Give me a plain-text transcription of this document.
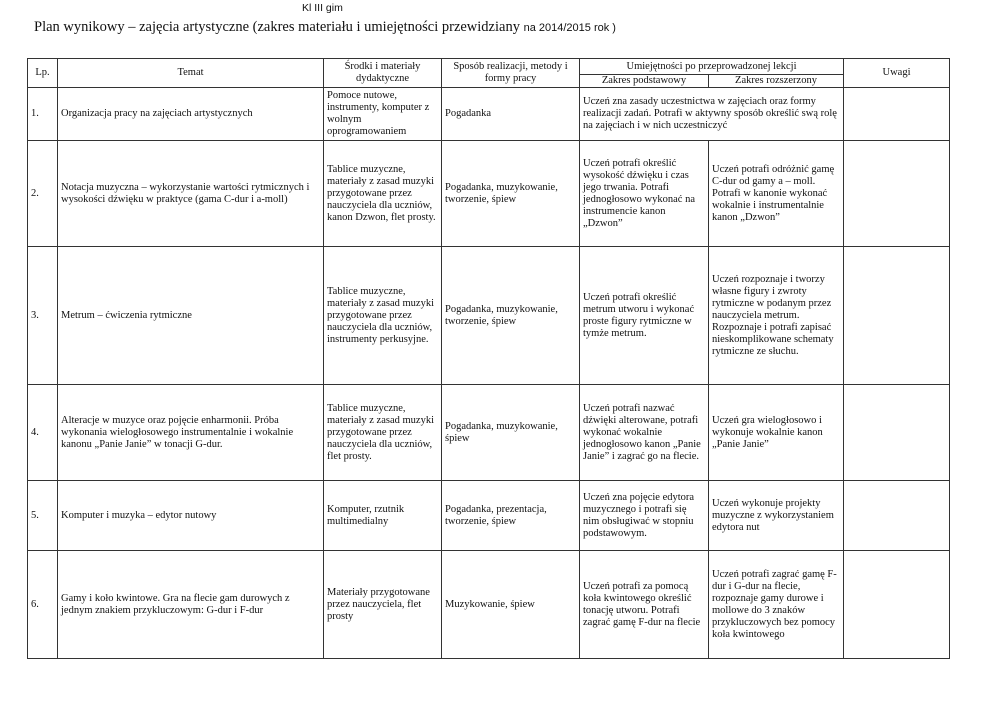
Kl III gim
Plan wynikowy – zajęcia artystyczne (zakres materiału i umiejętności przewidziany na 2014/2015 rok )
Lp.	Temat	Środki i materiały dydaktyczne	Sposób realizacji, metody i formy pracy	Umiejętności po przeprowadzonej lekcji		Uwagi
				Zakres podstawowy	Zakres rozszerzony	
1.	Organizacja pracy na zajęciach artystycznych	Pomoce nutowe, instrumenty, komputer z wolnym oprogramowaniem	Pogadanka	Uczeń zna zasady uczestnictwa w zajęciach oraz formy realizacji zadań. Potrafi w aktywny sposób określić swą rolę na zajęciach i w nich uczestniczyć		
2.	Notacja muzyczna – wykorzystanie wartości rytmicznych i wysokości dźwięku w praktyce (gama C-dur i a-moll)	Tablice muzyczne, materiały z zasad muzyki przygotowane przez nauczyciela dla uczniów, kanon Dzwon, flet prosty.	Pogadanka, muzykowanie, tworzenie, śpiew	Uczeń potrafi określić wysokość dźwięku i czas jego trwania. Potrafi jednogłosowo wykonać na instrumencie kanon „Dzwon”	Uczeń potrafi odróżnić gamę C-dur od gamy a – moll. Potrafi w kanonie wykonać wokalnie i instrumentalnie kanon „Dzwon”	
3.	Metrum – ćwiczenia rytmiczne	Tablice muzyczne, materiały z zasad muzyki przygotowane przez nauczyciela dla uczniów, instrumenty perkusyjne.	Pogadanka, muzykowanie, tworzenie, śpiew	Uczeń potrafi określić metrum utworu i wykonać proste figury rytmiczne w tymże metrum.	Uczeń rozpoznaje i tworzy własne figury i zwroty rytmiczne w podanym przez nauczyciela metrum. Rozpoznaje i potrafi zapisać nieskomplikowane schematy rytmiczne ze słuchu.	
4.	Alteracje w muzyce oraz pojęcie enharmonii. Próba wykonania wielogłosowego instrumentalnie i wokalnie kanonu „Panie Janie” w tonacji G-dur.	Tablice muzyczne, materiały z zasad muzyki przygotowane przez nauczyciela dla uczniów, flet prosty.	Pogadanka, muzykowanie, śpiew	Uczeń potrafi nazwać dźwięki alterowane, potrafi wykonać wokalnie jednogłosowo kanon „Panie Janie” i zagrać go na flecie.	Uczeń gra wielogłosowo i wykonuje wokalnie kanon „Panie Janie”	
5.	Komputer i muzyka – edytor nutowy	Komputer, rzutnik multimedialny	Pogadanka, prezentacja, tworzenie, śpiew	Uczeń zna pojęcie edytora muzycznego i potrafi się nim obsługiwać w stopniu podstawowym.	Uczeń wykonuje projekty muzyczne z wykorzystaniem edytora nut	
6.	Gamy i koło kwintowe. Gra na flecie gam durowych z jednym znakiem przykluczowym: G-dur i F-dur	Materiały przygotowane przez nauczyciela, flet prosty	Muzykowanie, śpiew	Uczeń potrafi za pomocą koła kwintowego określić tonację utworu. Potrafi zagrać gamę F-dur na flecie	Uczeń potrafi zagrać gamę F-dur i G-dur na flecie, rozpoznaje gamy durowe i mollowe do 3 znaków przykluczowych bez pomocy koła kwintowego	
